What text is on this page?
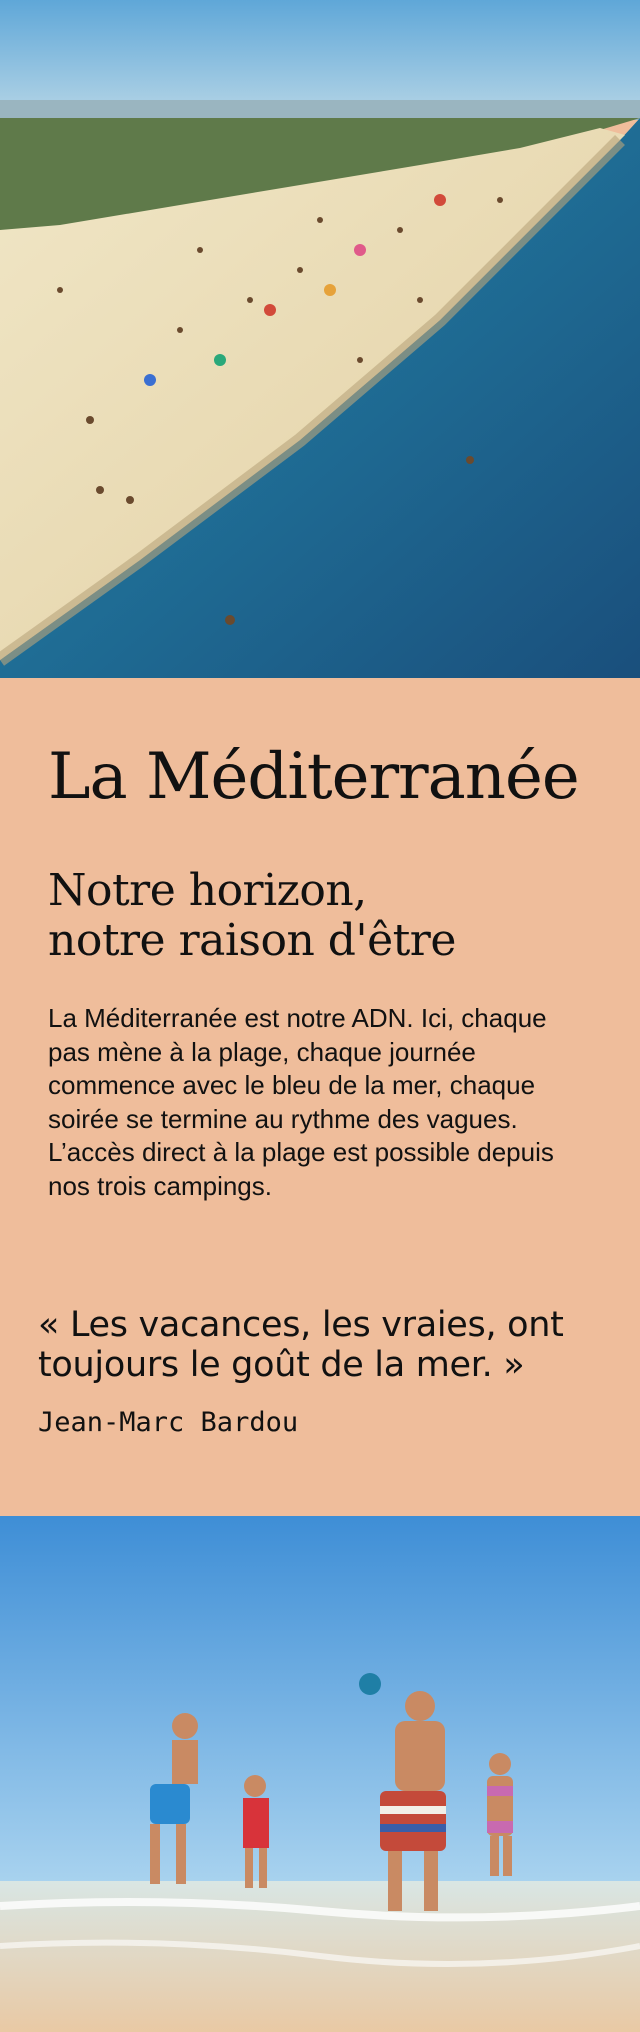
La Méditerranée
Notre horizon,
notre raison d'être

La Méditerranée est notre ADN. Ici, chaque pas mène à la plage, chaque journée commence avec le bleu de la mer, chaque soirée se termine au rythme des vagues.

L’accès direct à la plage est possible depuis nos trois campings.

« Les vacances, les vraies, ont toujours le goût de la mer. »
Jean-Marc Bardou
